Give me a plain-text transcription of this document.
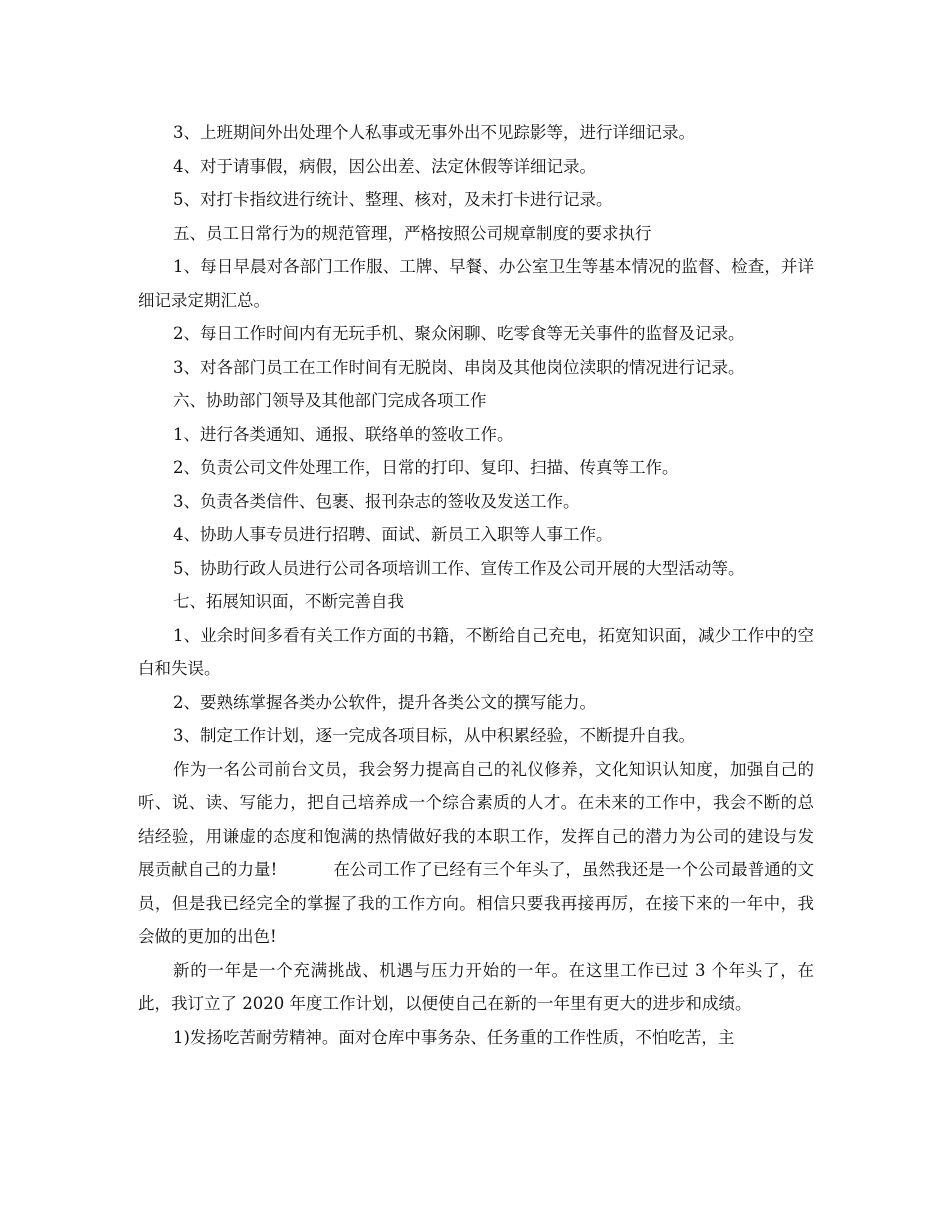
3、上班期间外出处理个人私事或无事外出不见踪影等，进行详细记录。

4、对于请事假，病假，因公出差、法定休假等详细记录。

5、对打卡指纹进行统计、整理、核对，及未打卡进行记录。

五、员工日常行为的规范管理，严格按照公司规章制度的要求执行

1、每日早晨对各部门工作服、工牌、早餐、办公室卫生等基本情况的监督、检查，并详细记录定期汇总。

2、每日工作时间内有无玩手机、聚众闲聊、吃零食等无关事件的监督及记录。

3、对各部门员工在工作时间有无脱岗、串岗及其他岗位渎职的情况进行记录。

六、协助部门领导及其他部门完成各项工作

1、进行各类通知、通报、联络单的签收工作。

2、负责公司文件处理工作，日常的打印、复印、扫描、传真等工作。

3、负责各类信件、包裹、报刊杂志的签收及发送工作。

4、协助人事专员进行招聘、面试、新员工入职等人事工作。

5、协助行政人员进行公司各项培训工作、宣传工作及公司开展的大型活动等。

七、拓展知识面，不断完善自我

1、业余时间多看有关工作方面的书籍，不断给自己充电，拓宽知识面，减少工作中的空白和失误。

2、要熟练掌握各类办公软件，提升各类公文的撰写能力。

3、制定工作计划，逐一完成各项目标，从中积累经验，不断提升自我。

作为一名公司前台文员，我会努力提高自己的礼仪修养，文化知识认知度，加强自己的听、说、读、写能力，把自己培养成一个综合素质的人才。在未来的工作中，我会不断的总结经验，用谦虚的态度和饱满的热情做好我的本职工作，发挥自己的潜力为公司的建设与发展贡献自己的力量!	在公司工作了已经有三个年头了，虽然我还是一个公司最普通的文员，但是我已经完全的掌握了我的工作方向。相信只要我再接再厉，在接下来的一年中，我会做的更加的出色!

新的一年是一个充满挑战、机遇与压力开始的一年。在这里工作已过 3 个年头了，在此，我订立了 2020 年度工作计划，以便使自己在新的一年里有更大的进步和成绩。

1)发扬吃苦耐劳精神。面对仓库中事务杂、任务重的工作性质，不怕吃苦，主
